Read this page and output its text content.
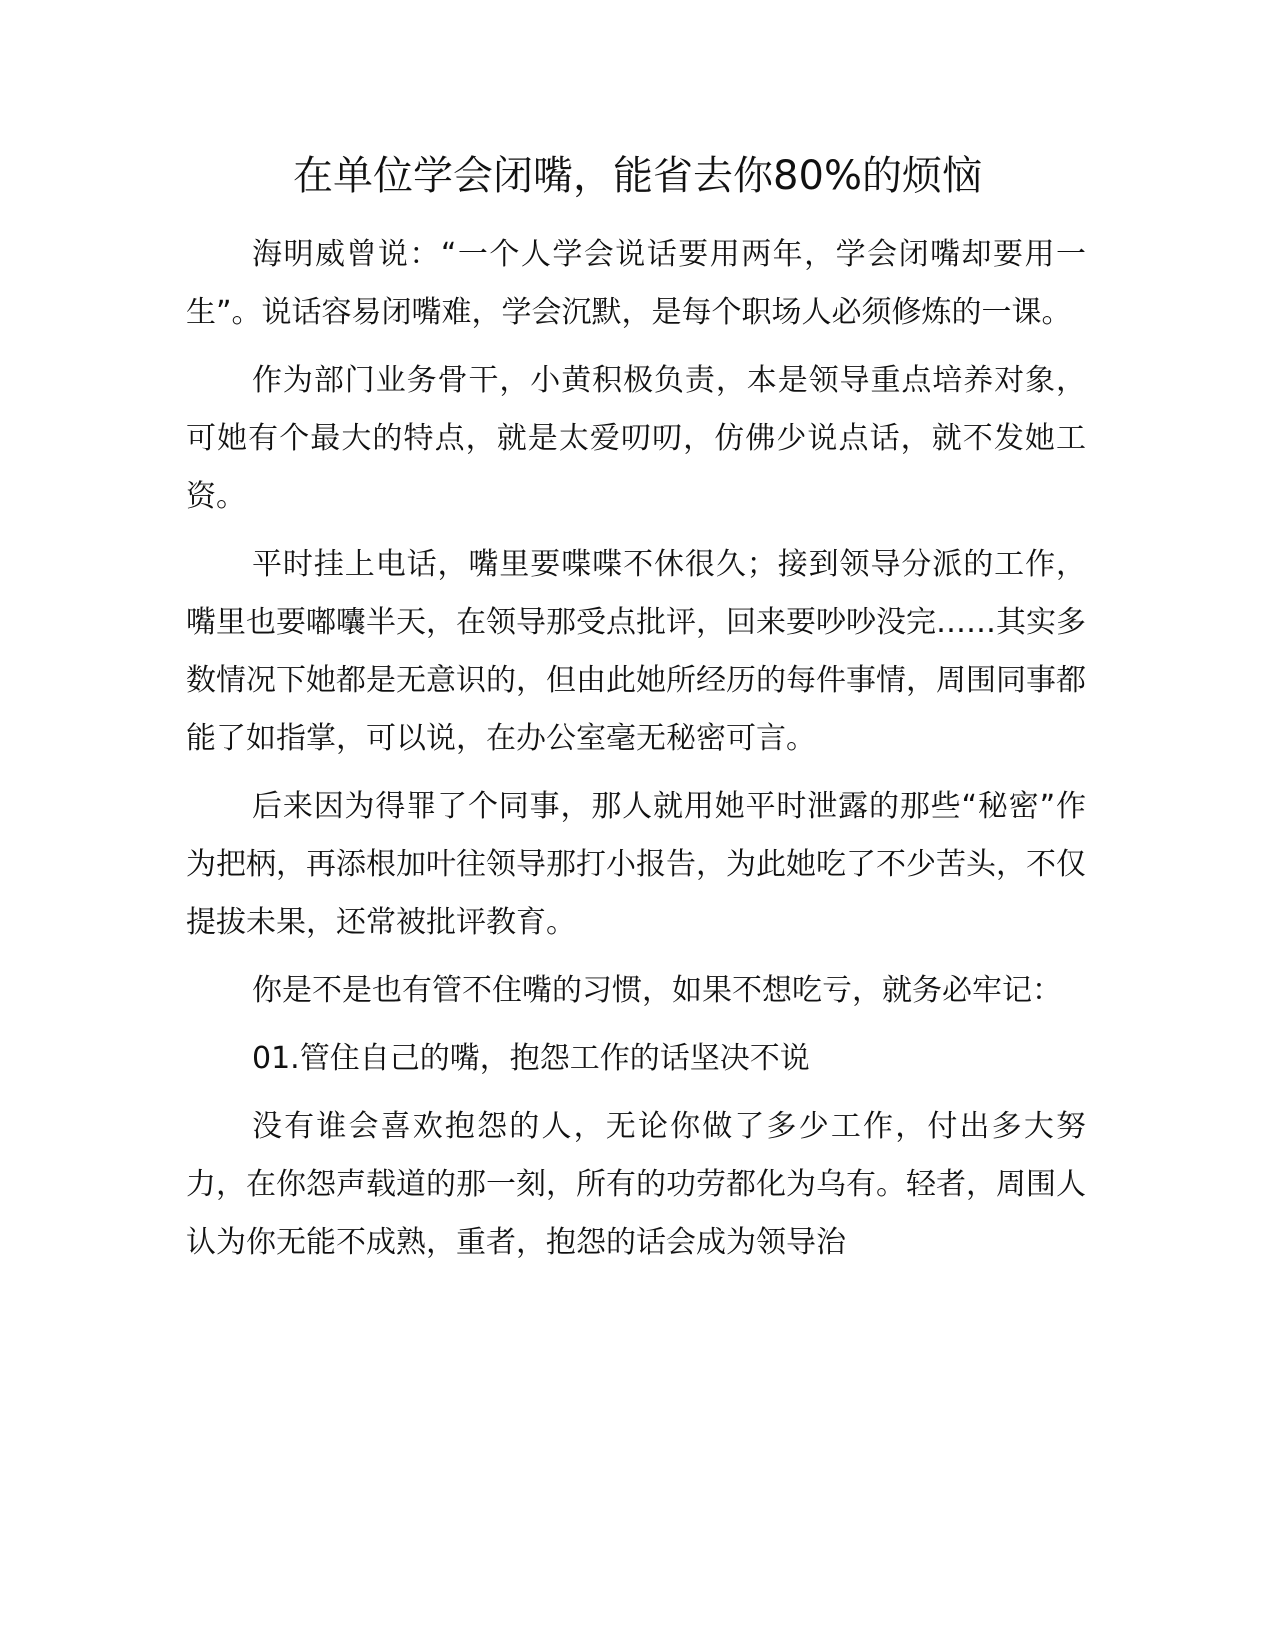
在单位学会闭嘴，能省去你80%的烦恼

海明威曾说：“一个人学会说话要用两年，学会闭嘴却要用一生”。说话容易闭嘴难，学会沉默，是每个职场人必须修炼的一课。

作为部门业务骨干，小黄积极负责，本是领导重点培养对象，可她有个最大的特点，就是太爱叨叨，仿佛少说点话，就不发她工资。

平时挂上电话，嘴里要喋喋不休很久；接到领导分派的工作，嘴里也要嘟囔半天，在领导那受点批评，回来要吵吵没完……其实多数情况下她都是无意识的，但由此她所经历的每件事情，周围同事都能了如指掌，可以说，在办公室毫无秘密可言。

后来因为得罪了个同事，那人就用她平时泄露的那些“秘密”作为把柄，再添根加叶往领导那打小报告，为此她吃了不少苦头，不仅提拔未果，还常被批评教育。

你是不是也有管不住嘴的习惯，如果不想吃亏，就务必牢记：

01.管住自己的嘴，抱怨工作的话坚决不说

没有谁会喜欢抱怨的人，无论你做了多少工作，付出多大努力，在你怨声载道的那一刻，所有的功劳都化为乌有。轻者，周围人认为你无能不成熟，重者，抱怨的话会成为领导治
